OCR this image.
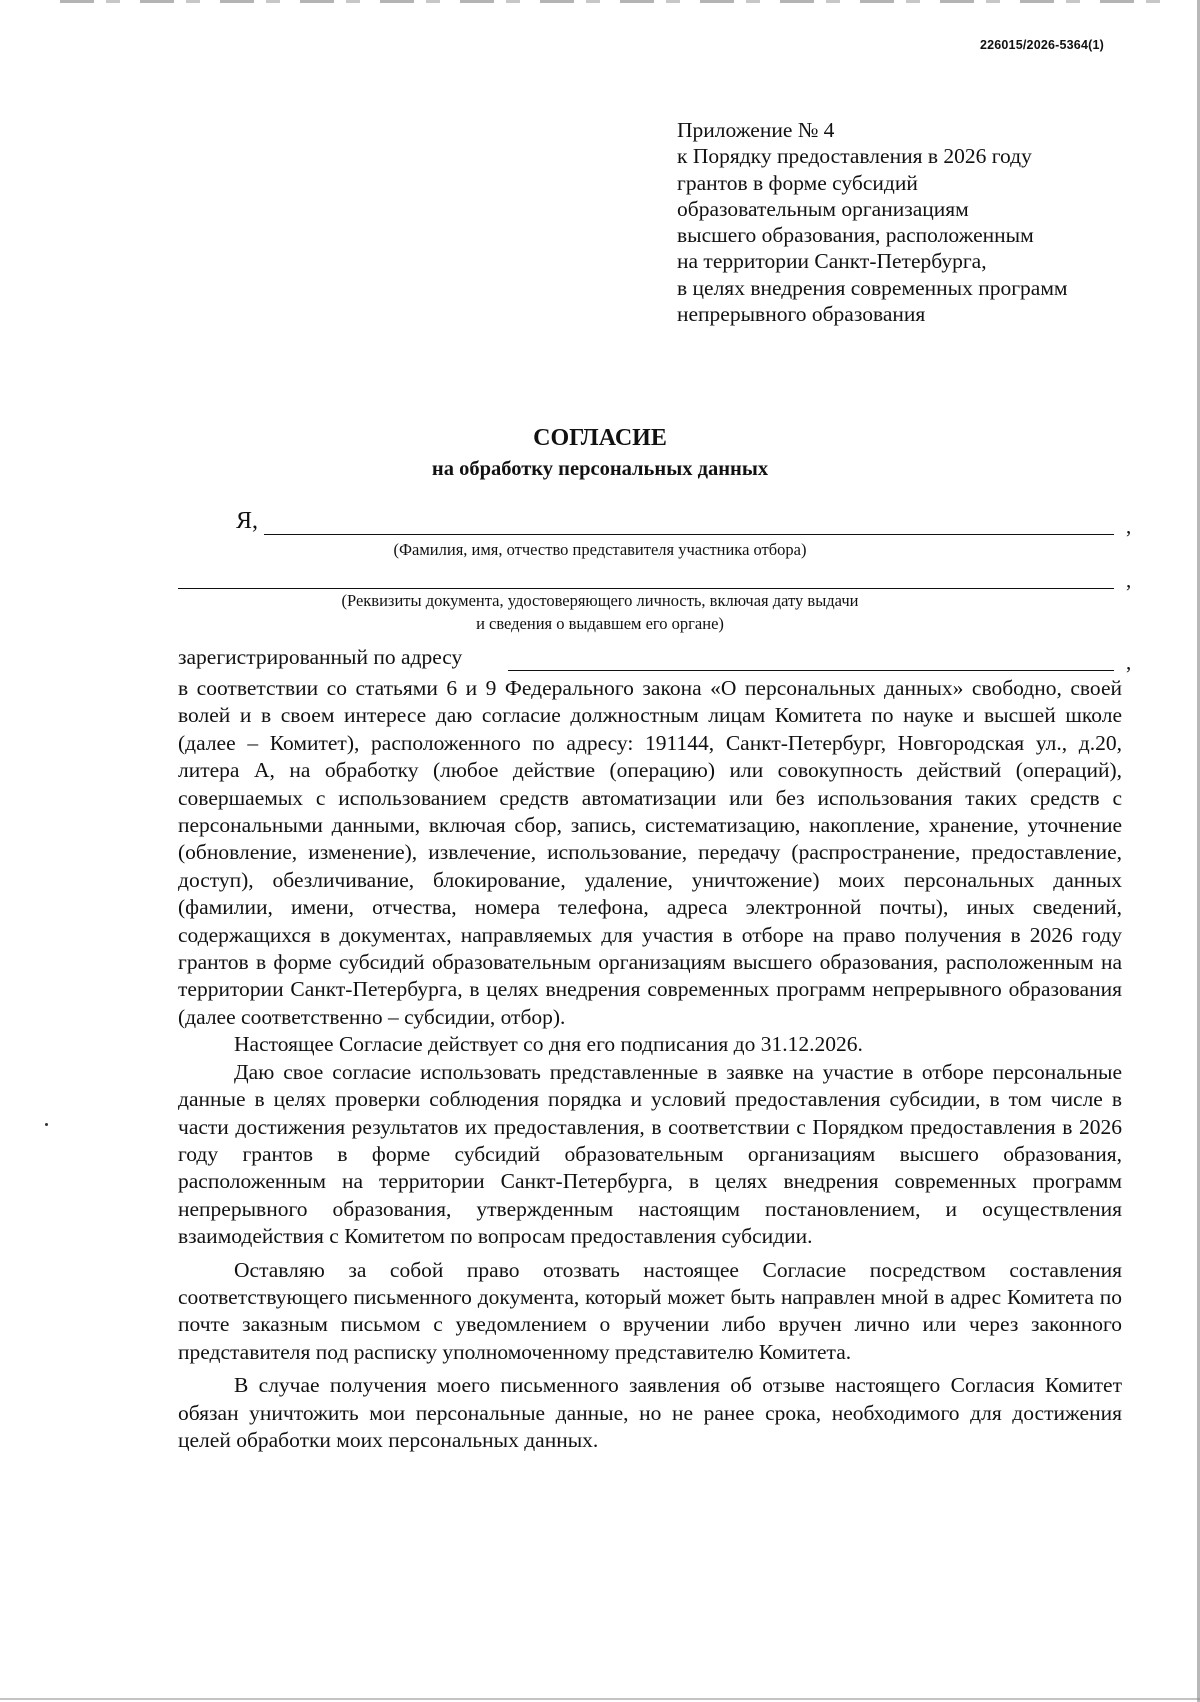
226015/2026-5364(1)
Приложение № 4
к Порядку предоставления в 2026 году
грантов в форме субсидий
образовательным организациям
высшего образования, расположенным
на территории Санкт-Петербурга,
в целях внедрения современных программ
непрерывного образования
СОГЛАСИЕ
на обработку персональных данных
Я,	,
(Фамилия, имя, отчество представителя участника отбора)
,
(Реквизиты документа, удостоверяющего личность, включая дату выдачи
и сведения о выдавшем его органе)
зарегистрированный по адресу	,

в соответствии со статьями 6 и 9 Федерального закона «О персональных данных» свободно, своей волей и в своем интересе даю согласие должностным лицам Комитета по науке и высшей школе (далее – Комитет), расположенного по адресу: 191144, Санкт-Петербург, Новгородская ул., д.20, литера А, на обработку (любое действие (операцию) или совокупность действий (операций), совершаемых с использованием средств автоматизации или без использования таких средств с персональными данными, включая сбор, запись, систематизацию, накопление, хранение, уточнение (обновление, изменение), извлечение, использование, передачу (распространение, предоставление, доступ), обезличивание, блокирование, удаление, уничтожение) моих персональных данных (фамилии, имени, отчества, номера телефона, адреса электронной почты), иных сведений, содержащихся в документах, направляемых для участия в отборе на право получения в 2026 году грантов в форме субсидий образовательным организациям высшего образования, расположенным на территории Санкт-Петербурга, в целях внедрения современных программ непрерывного образования (далее соответственно – субсидии, отбор).

Настоящее Согласие действует со дня его подписания до 31.12.2026.

Даю свое согласие использовать представленные в заявке на участие в отборе персональные данные в целях проверки соблюдения порядка и условий предоставления субсидии, в том числе в части достижения результатов их предоставления, в соответствии с Порядком предоставления в 2026 году грантов в форме субсидий образовательным организациям высшего образования, расположенным на территории Санкт-Петербурга, в целях внедрения современных программ непрерывного образования, утвержденным настоящим постановлением, и осуществления взаимодействия с Комитетом по вопросам предоставления субсидии.

Оставляю за собой право отозвать настоящее Согласие посредством составления соответствующего письменного документа, который может быть направлен мной в адрес Комитета по почте заказным письмом с уведомлением о вручении либо вручен лично или через законного представителя под расписку уполномоченному представителю Комитета.

В случае получения моего письменного заявления об отзыве настоящего Согласия Комитет обязан уничтожить мои персональные данные, но не ранее срока, необходимого для достижения целей обработки моих персональных данных.
